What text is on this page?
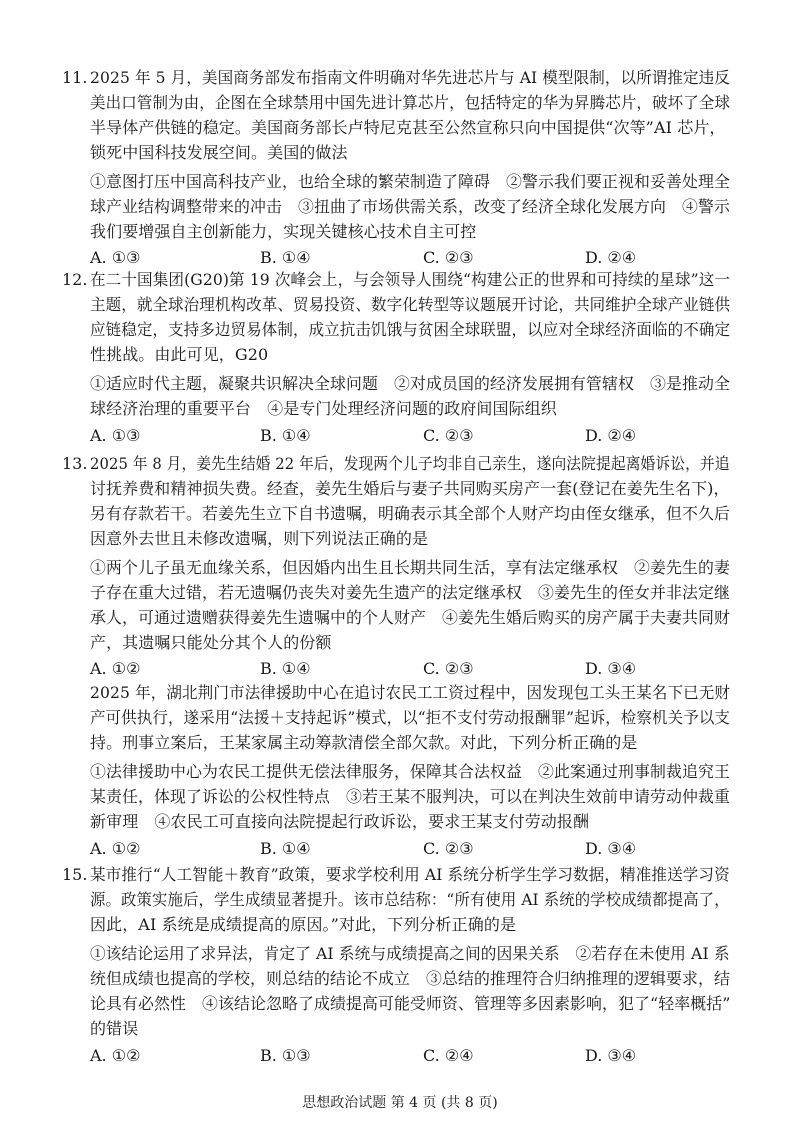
11. 2025 年 5 月，美国商务部发布指南文件明确对华先进芯片与 AI 模型限制，以所谓推定违反
美出口管制为由，企图在全球禁用中国先进计算芯片，包括特定的华为昇腾芯片，破坏了全球
半导体产供链的稳定。美国商务部长卢特尼克甚至公然宣称只向中国提供“次等”AI 芯片，
锁死中国科技发展空间。美国的做法
①意图打压中国高科技产业，也给全球的繁荣制造了障碍　②警示我们要正视和妥善处理全
球产业结构调整带来的冲击　③扭曲了市场供需关系，改变了经济全球化发展方向　④警示
我们要增强自主创新能力，实现关键核心技术自主可控
A. ①③	B. ①④	C. ②③	D. ②④
12. 在二十国集团(G20)第 19 次峰会上，与会领导人围绕“构建公正的世界和可持续的星球”这一
主题，就全球治理机构改革、贸易投资、数字化转型等议题展开讨论，共同维护全球产业链供
应链稳定，支持多边贸易体制，成立抗击饥饿与贫困全球联盟，以应对全球经济面临的不确定
性挑战。由此可见，G20
①适应时代主题，凝聚共识解决全球问题　②对成员国的经济发展拥有管辖权　③是推动全
球经济治理的重要平台　④是专门处理经济问题的政府间国际组织
A. ①③	B. ①④	C. ②③	D. ②④
13. 2025 年 8 月，姜先生结婚 22 年后，发现两个儿子均非自己亲生，遂向法院提起离婚诉讼，并追
讨抚养费和精神损失费。经查，姜先生婚后与妻子共同购买房产一套(登记在姜先生名下)，
另有存款若干。若姜先生立下自书遗嘱，明确表示其全部个人财产均由侄女继承，但不久后
因意外去世且未修改遗嘱，则下列说法正确的是
①两个儿子虽无血缘关系，但因婚内出生且长期共同生活，享有法定继承权　②姜先生的妻
子存在重大过错，若无遗嘱仍丧失对姜先生遗产的法定继承权　③姜先生的侄女并非法定继
承人，可通过遗赠获得姜先生遗嘱中的个人财产　④姜先生婚后购买的房产属于夫妻共同财
产，其遗嘱只能处分其个人的份额
A. ①②	B. ①④	C. ②③	D. ③④
2025 年，湖北荆门市法律援助中心在追讨农民工工资过程中，因发现包工头王某名下已无财
产可供执行，遂采用“法援＋支持起诉”模式，以“拒不支付劳动报酬罪”起诉，检察机关予以支
持。刑事立案后，王某家属主动筹款清偿全部欠款。对此，下列分析正确的是
①法律援助中心为农民工提供无偿法律服务，保障其合法权益　②此案通过刑事制裁追究王
某责任，体现了诉讼的公权性特点　③若王某不服判决，可以在判决生效前申请劳动仲裁重
新审理　④农民工可直接向法院提起行政诉讼，要求王某支付劳动报酬
A. ①②	B. ①④	C. ②③	D. ③④
15. 某市推行“人工智能＋教育”政策，要求学校利用 AI 系统分析学生学习数据，精准推送学习资
源。政策实施后，学生成绩显著提升。该市总结称：“所有使用 AI 系统的学校成绩都提高了，
因此，AI 系统是成绩提高的原因。”对此，下列分析正确的是
①该结论运用了求异法，肯定了 AI 系统与成绩提高之间的因果关系　②若存在未使用 AI 系
统但成绩也提高的学校，则总结的结论不成立　③总结的推理符合归纳推理的逻辑要求，结
论具有必然性　④该结论忽略了成绩提高可能受师资、管理等多因素影响，犯了“轻率概括”
的错误
A. ①②	B. ①③	C. ②④	D. ③④
思想政治试题 第 4 页 (共 8 页)
